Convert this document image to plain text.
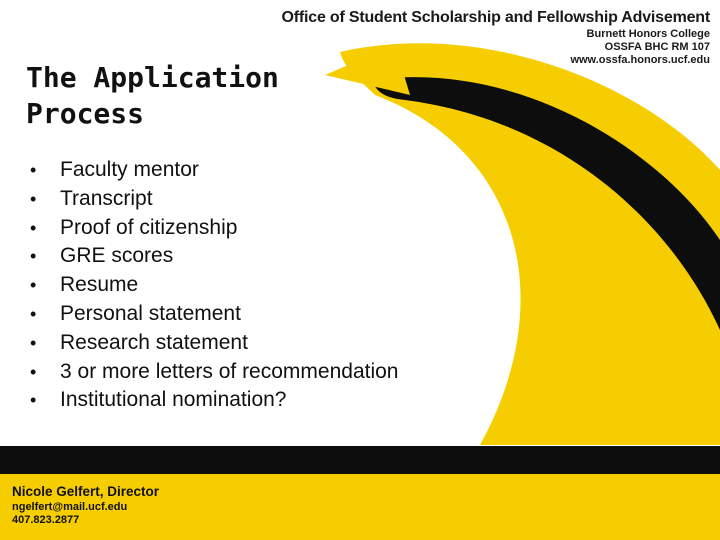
Office of Student Scholarship and Fellowship Advisement
Burnett Honors College
OSSFA BHC RM 107
www.ossfa.honors.ucf.edu
The Application
Process
• Faculty mentor
• Transcript
• Proof of citizenship
• GRE scores
• Resume
• Personal statement
• Research statement
• 3 or more letters of recommendation
• Institutional nomination?
Nicole Gelfert, Director
ngelfert@mail.ucf.edu
407.823.2877
